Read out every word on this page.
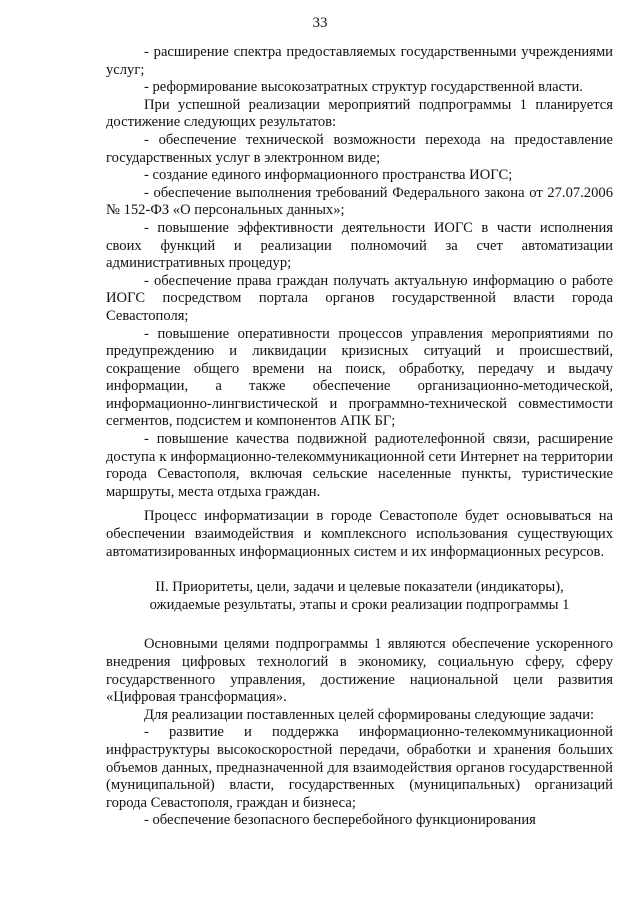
33

- расширение спектра предоставляемых государственными учреждениями услуг;

- реформирование высокозатратных структур государственной власти.

При успешной реализации мероприятий подпрограммы 1 планируется достижение следующих результатов:

- обеспечение технической возможности перехода на предоставление государственных услуг в электронном виде;

- создание единого информационного пространства ИОГС;

- обеспечение выполнения требований Федерального закона от 27.07.2006 № 152-ФЗ «О персональных данных»;

- повышение эффективности деятельности ИОГС в части исполнения своих функций и реализации полномочий за счет автоматизации административных процедур;

- обеспечение права граждан получать актуальную информацию о работе ИОГС посредством портала органов государственной власти города Севастополя;

- повышение оперативности процессов управления мероприятиями по предупреждению и ликвидации кризисных ситуаций и происшествий, сокращение общего времени на поиск, обработку, передачу и выдачу информации, а также обеспечение организационно-методической, информационно-лингвистической и программно-технической совместимости сегментов, подсистем и компонентов АПК БГ;

- повышение качества подвижной радиотелефонной связи, расширение доступа к информационно-телекоммуникационной сети Интернет на территории города Севастополя, включая сельские населенные пункты, туристические маршруты, места отдыха граждан.

Процесс информатизации в городе Севастополе будет основываться на обеспечении взаимодействия и комплексного использования существующих автоматизированных информационных систем и их информационных ресурсов.

II. Приоритеты, цели, задачи и целевые показатели (индикаторы),
ожидаемые результаты, этапы и сроки реализации подпрограммы 1

Основными целями подпрограммы 1 являются обеспечение ускоренного внедрения цифровых технологий в экономику, социальную сферу, сферу государственного управления, достижение национальной цели развития «Цифровая трансформация».

Для реализации поставленных целей сформированы следующие задачи:

- развитие и поддержка информационно-телекоммуникационной инфраструктуры высокоскоростной передачи, обработки и хранения больших объемов данных, предназначенной для взаимодействия органов государственной (муниципальной) власти, государственных (муниципальных) организаций города Севастополя, граждан и бизнеса;

- обеспечение безопасного бесперебойного функционирования
